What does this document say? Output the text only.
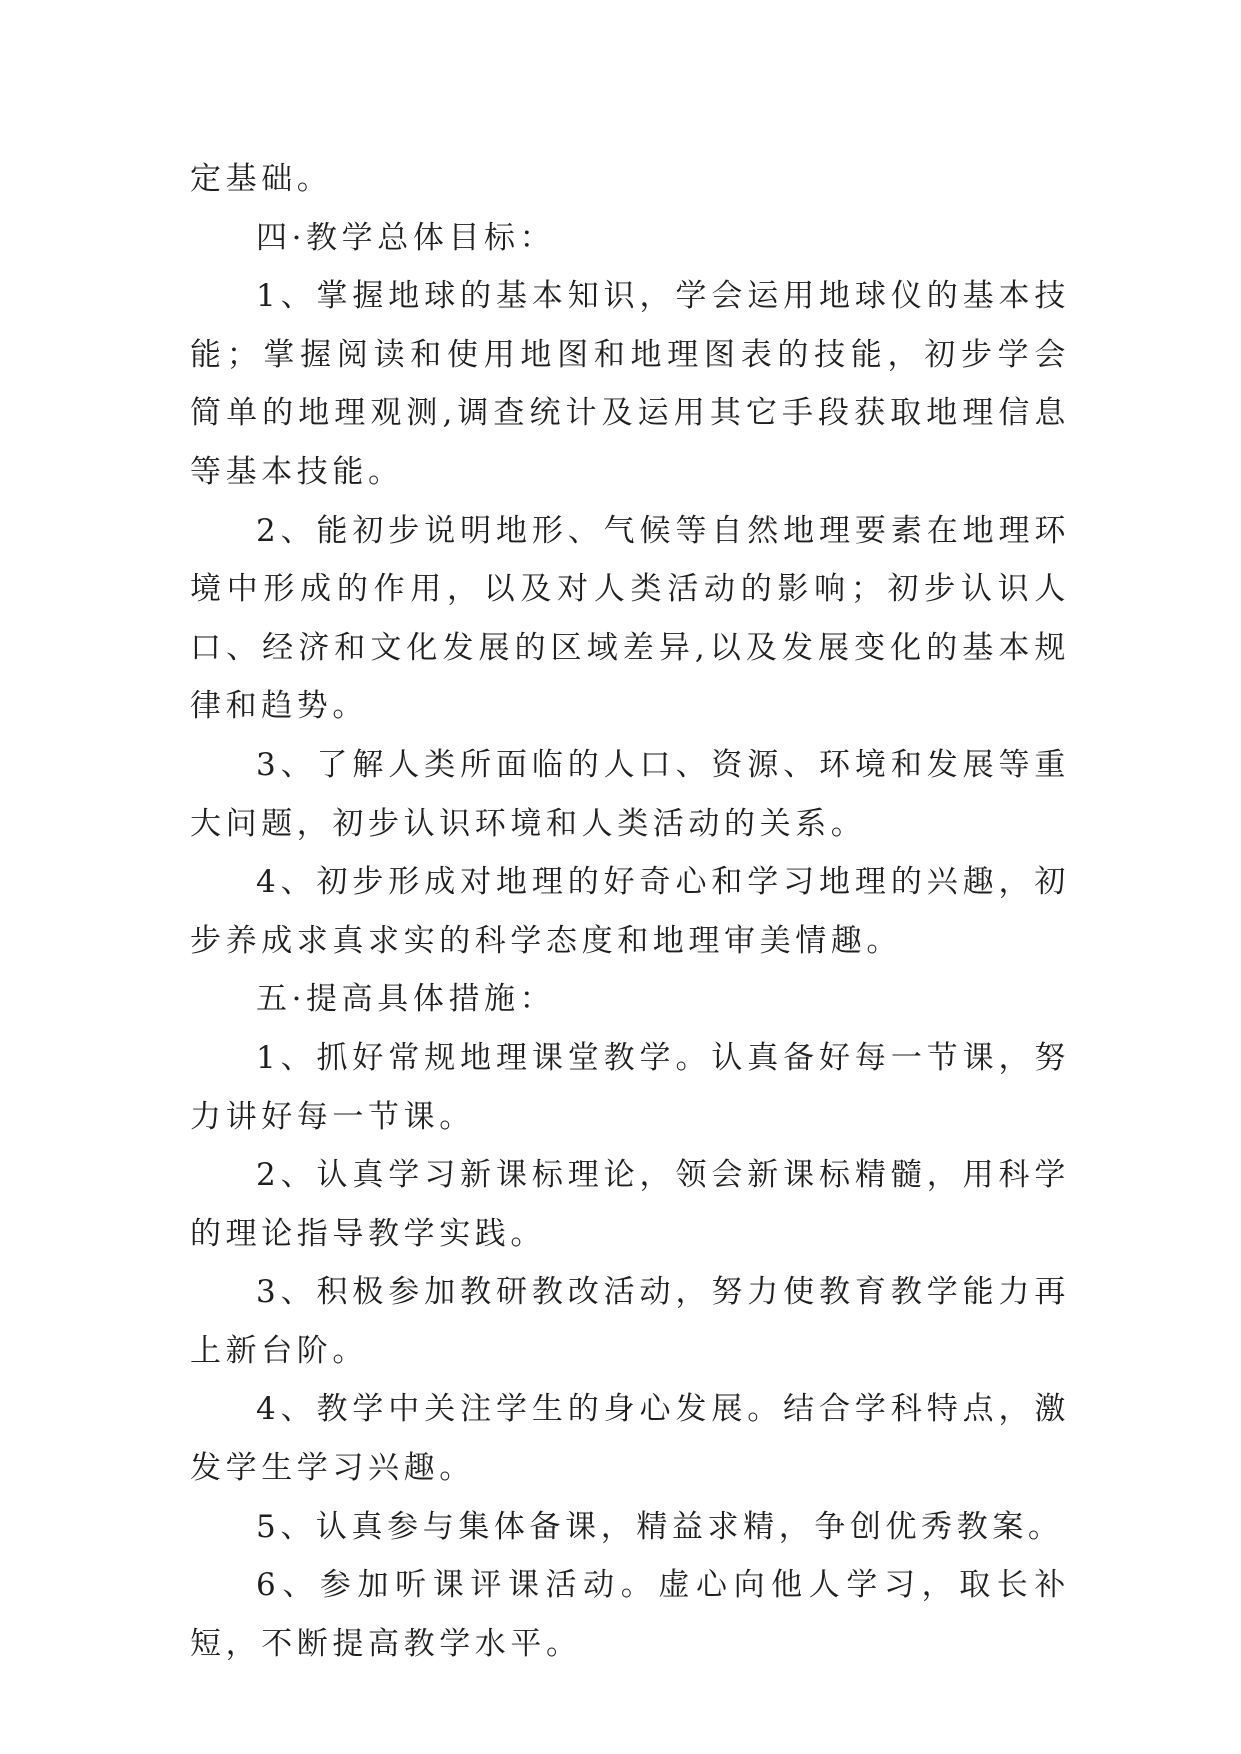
定基础。

四·教学总体目标：

1、掌握地球的基本知识，学会运用地球仪的基本技能；掌握阅读和使用地图和地理图表的技能，初步学会简单的地理观测,调查统计及运用其它手段获取地理信息等基本技能。

2、能初步说明地形、气候等自然地理要素在地理环境中形成的作用，以及对人类活动的影响；初步认识人口、经济和文化发展的区域差异,以及发展变化的基本规律和趋势。

3、了解人类所面临的人口、资源、环境和发展等重大问题，初步认识环境和人类活动的关系。

4、初步形成对地理的好奇心和学习地理的兴趣，初步养成求真求实的科学态度和地理审美情趣。

五·提高具体措施：

1、抓好常规地理课堂教学。认真备好每一节课，努力讲好每一节课。

2、认真学习新课标理论，领会新课标精髓，用科学的理论指导教学实践。

3、积极参加教研教改活动，努力使教育教学能力再上新台阶。

4、教学中关注学生的身心发展。结合学科特点，激发学生学习兴趣。

5、认真参与集体备课，精益求精，争创优秀教案。

6、参加听课评课活动。虚心向他人学习，取长补短，不断提高教学水平。
